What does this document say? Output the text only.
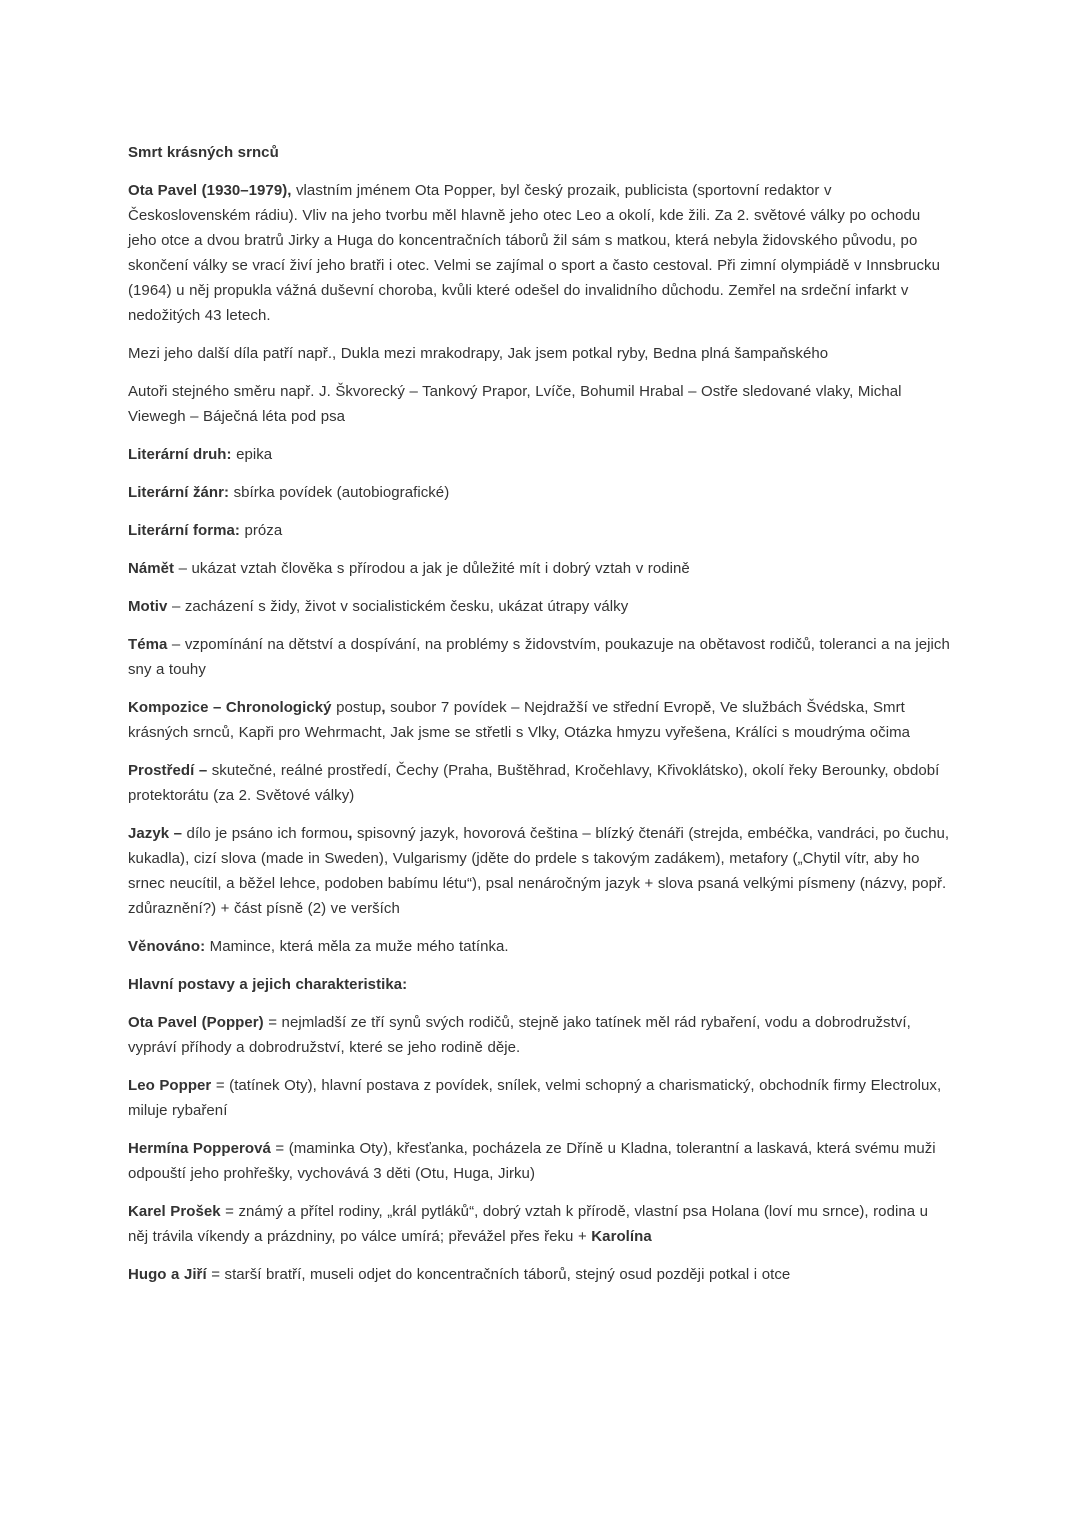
Smrt krásných srnců

Ota Pavel (1930–1979), vlastním jménem Ota Popper, byl český prozaik, publicista (sportovní redaktor v Československém rádiu). Vliv na jeho tvorbu měl hlavně jeho otec Leo a okolí, kde žili. Za 2. světové války po ochodu jeho otce a dvou bratrů Jirky a Huga do koncentračních táborů žil sám s matkou, která nebyla židovského původu, po skončení války se vrací živí jeho bratři i otec. Velmi se zajímal o sport a často cestoval. Při zimní olympiádě v Innsbrucku (1964) u něj propukla vážná duševní choroba, kvůli které odešel do invalidního důchodu. Zemřel na srdeční infarkt v nedožitých 43 letech.

Mezi jeho další díla patří např., Dukla mezi mrakodrapy, Jak jsem potkal ryby, Bedna plná šampaňského

Autoři stejného směru např. J. Škvorecký – Tankový Prapor, Lvíče, Bohumil Hrabal – Ostře sledované vlaky, Michal Viewegh – Báječná léta pod psa

Literární druh: epika

Literární žánr: sbírka povídek (autobiografické)

Literární forma: próza

Námět – ukázat vztah člověka s přírodou a jak je důležité mít i dobrý vztah v rodině

Motiv – zacházení s židy, život v socialistickém česku, ukázat útrapy války

Téma – vzpomínání na dětství a dospívání, na problémy s židovstvím, poukazuje na obětavost rodičů, toleranci a na jejich sny a touhy

Kompozice – Chronologický postup, soubor 7 povídek – Nejdražší ve střední Evropě, Ve službách Švédska, Smrt krásných srnců, Kapři pro Wehrmacht, Jak jsme se střetli s Vlky, Otázka hmyzu vyřešena, Králíci s moudrýma očima

Prostředí – skutečné, reálné prostředí, Čechy (Praha, Buštěhrad, Kročehlavy, Křivoklátsko), okolí řeky Berounky, období protektorátu (za 2. Světové války)

Jazyk – dílo je psáno ich formou, spisovný jazyk, hovorová čeština – blízký čtenáři (strejda, embéčka, vandráci, po čuchu, kukadla), cizí slova (made in Sweden), Vulgarismy (jděte do prdele s takovým zadákem), metafory („Chytil vítr, aby ho srnec neucítil, a běžel lehce, podoben babímu létu“), psal nenáročným jazyk + slova psaná velkými písmeny (názvy, popř. zdůraznění?) + část písně (2) ve verších

Věnováno: Mamince, která měla za muže mého tatínka.

Hlavní postavy a jejich charakteristika:

Ota Pavel (Popper) = nejmladší ze tří synů svých rodičů, stejně jako tatínek měl rád rybaření, vodu a dobrodružství, vypráví příhody a dobrodružství, které se jeho rodině děje.

Leo Popper = (tatínek Oty), hlavní postava z povídek, snílek, velmi schopný a charismatický, obchodník firmy Electrolux, miluje rybaření

Hermína Popperová = (maminka Oty), křesťanka, pocházela ze Dříně u Kladna, tolerantní a laskavá, která svému muži odpouští jeho prohřešky, vychovává 3 děti (Otu, Huga, Jirku)

Karel Prošek = známý a přítel rodiny, „král pytláků“, dobrý vztah k přírodě, vlastní psa Holana (loví mu srnce), rodina u něj trávila víkendy a prázdniny, po válce umírá; převážel přes řeku + Karolína

Hugo a Jiří = starší bratří, museli odjet do koncentračních táborů, stejný osud později potkal i otce
